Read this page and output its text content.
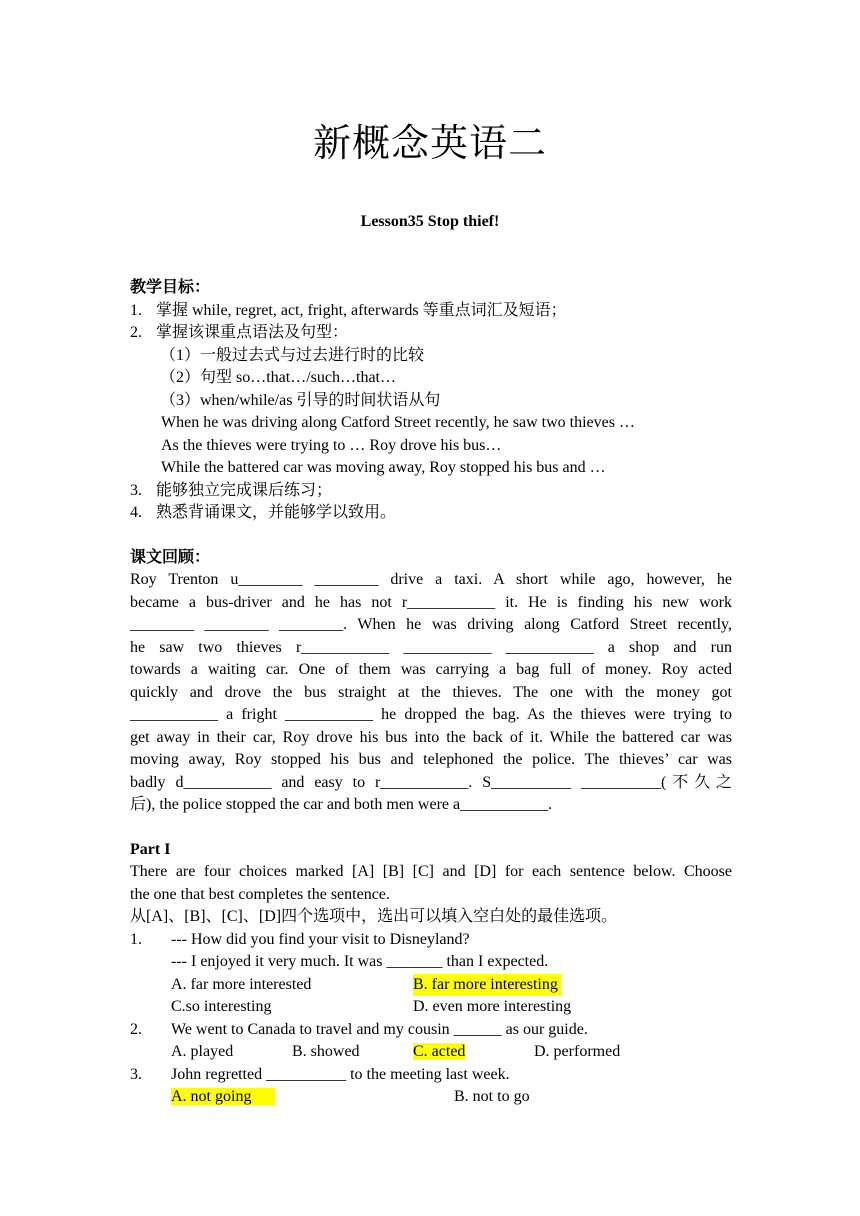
新概念英语二
Lesson35 Stop thief!
教学目标：
1. 掌握 while, regret, act, fright, afterwards 等重点词汇及短语；
2. 掌握该课重点语法及句型：
（1）一般过去式与过去进行时的比较
（2）句型 so…that…/such…that…
（3）when/while/as 引导的时间状语从句
When he was driving along Catford Street recently, he saw two thieves …
As the thieves were trying to … Roy drove his bus…
While the battered car was moving away, Roy stopped his bus and …
3. 能够独立完成课后练习；
4. 熟悉背诵课文，并能够学以致用。
课文回顾：
Roy Trenton u________ ________ drive a taxi. A short while ago, however, he
became a bus-driver and he has not r___________ it. He is finding his new work
________ ________ ________. When he was driving along Catford Street recently,
he saw two thieves r___________ ___________ ___________ a shop and run
towards a waiting car. One of them was carrying a bag full of money. Roy acted
quickly and drove the bus straight at the thieves. The one with the money got
___________ a fright ___________ he dropped the bag. As the thieves were trying to
get away in their car, Roy drove his bus into the back of it. While the battered car was
moving away, Roy stopped his bus and telephoned the police. The thieves’ car was
badly d___________ and easy to r___________. S__________ __________(不久之
后), the police stopped the car and both men were a___________.
Part I
There are four choices marked [A] [B] [C] and [D] for each sentence below. Choose
the one that best completes the sentence.
从[A]、[B]、[C]、[D]四个选项中，选出可以填入空白处的最佳选项。
1.	--- How did you find your visit to Disneyland?
--- I enjoyed it very much. It was _______ than I expected.
A. far more interested	B. far more interesting
C.so interesting	D. even more interesting
2.	We went to Canada to travel and my cousin ______ as our guide.
A. played	B. showed	C. acted	D. performed
3.	John regretted __________ to the meeting last week.
A. not going	B. not to go
